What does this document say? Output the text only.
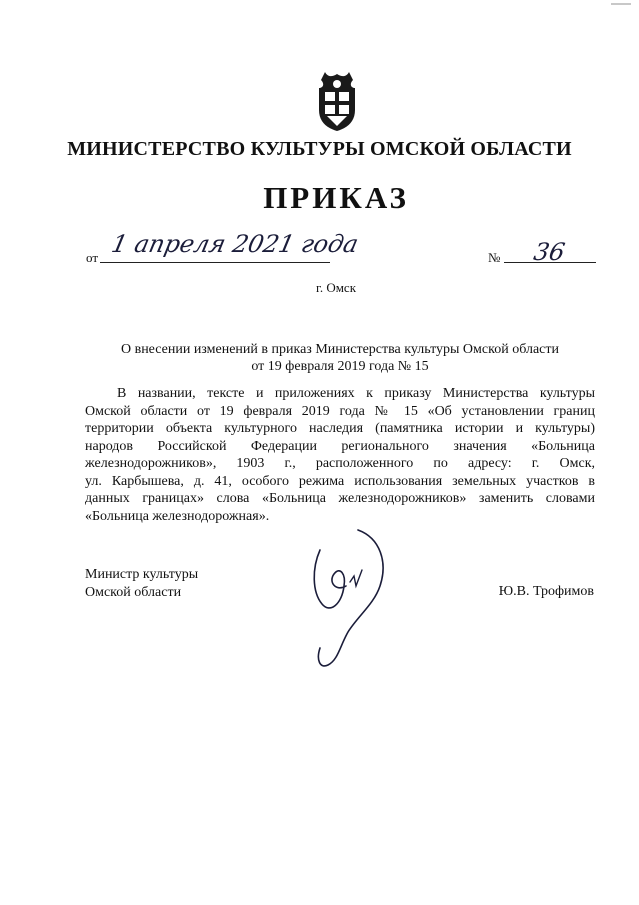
МИНИСТЕРСТВО КУЛЬТУРЫ ОМСКОЙ ОБЛАСТИ
ПРИКАЗ
от 1 апреля 2021 года	№ 36
г. Омск
О внесении изменений в приказ Министерства культуры Омской области
от 19 февраля 2019 года № 15
В названии, тексте и приложениях к приказу Министерства культуры
Омской области от 19 февраля 2019 года № 15 «Об установлении границ
территории объекта культурного наследия (памятника истории и культуры)
народов Российской Федерации регионального значения «Больница
железнодорожников», 1903 г., расположенного по адресу: г. Омск,
ул. Карбышева, д. 41, особого режима использования земельных участков в
данных границах» слова «Больница железнодорожников» заменить словами
«Больница железнодорожная».
Министр культуры
Омской области	Ю.В. Трофимов
